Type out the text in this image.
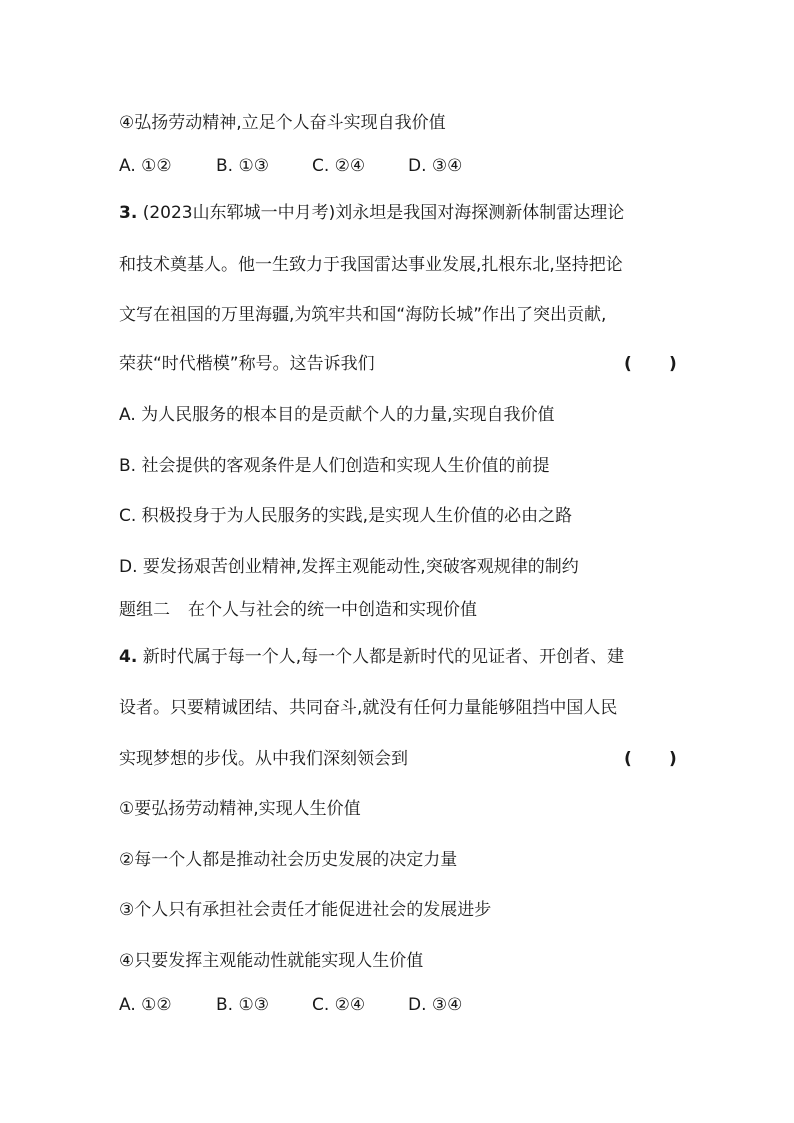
④弘扬劳动精神,立足个人奋斗实现自我价值
A. ①②	B. ①③	C. ②④	D. ③④
3. (2023山东郓城一中月考)刘永坦是我国对海探测新体制雷达理论
和技术奠基人。他一生致力于我国雷达事业发展,扎根东北,坚持把论
文写在祖国的万里海疆,为筑牢共和国“海防长城”作出了突出贡献,
荣获“时代楷模”称号。这告诉我们	( )
A. 为人民服务的根本目的是贡献个人的力量,实现自我价值
B. 社会提供的客观条件是人们创造和实现人生价值的前提
C. 积极投身于为人民服务的实践,是实现人生价值的必由之路
D. 要发扬艰苦创业精神,发挥主观能动性,突破客观规律的制约
题组二 在个人与社会的统一中创造和实现价值
4. 新时代属于每一个人,每一个人都是新时代的见证者、开创者、建
设者。只要精诚团结、共同奋斗,就没有任何力量能够阻挡中国人民
实现梦想的步伐。从中我们深刻领会到	( )
①要弘扬劳动精神,实现人生价值
②每一个人都是推动社会历史发展的决定力量
③个人只有承担社会责任才能促进社会的发展进步
④只要发挥主观能动性就能实现人生价值
A. ①②	B. ①③	C. ②④	D. ③④
